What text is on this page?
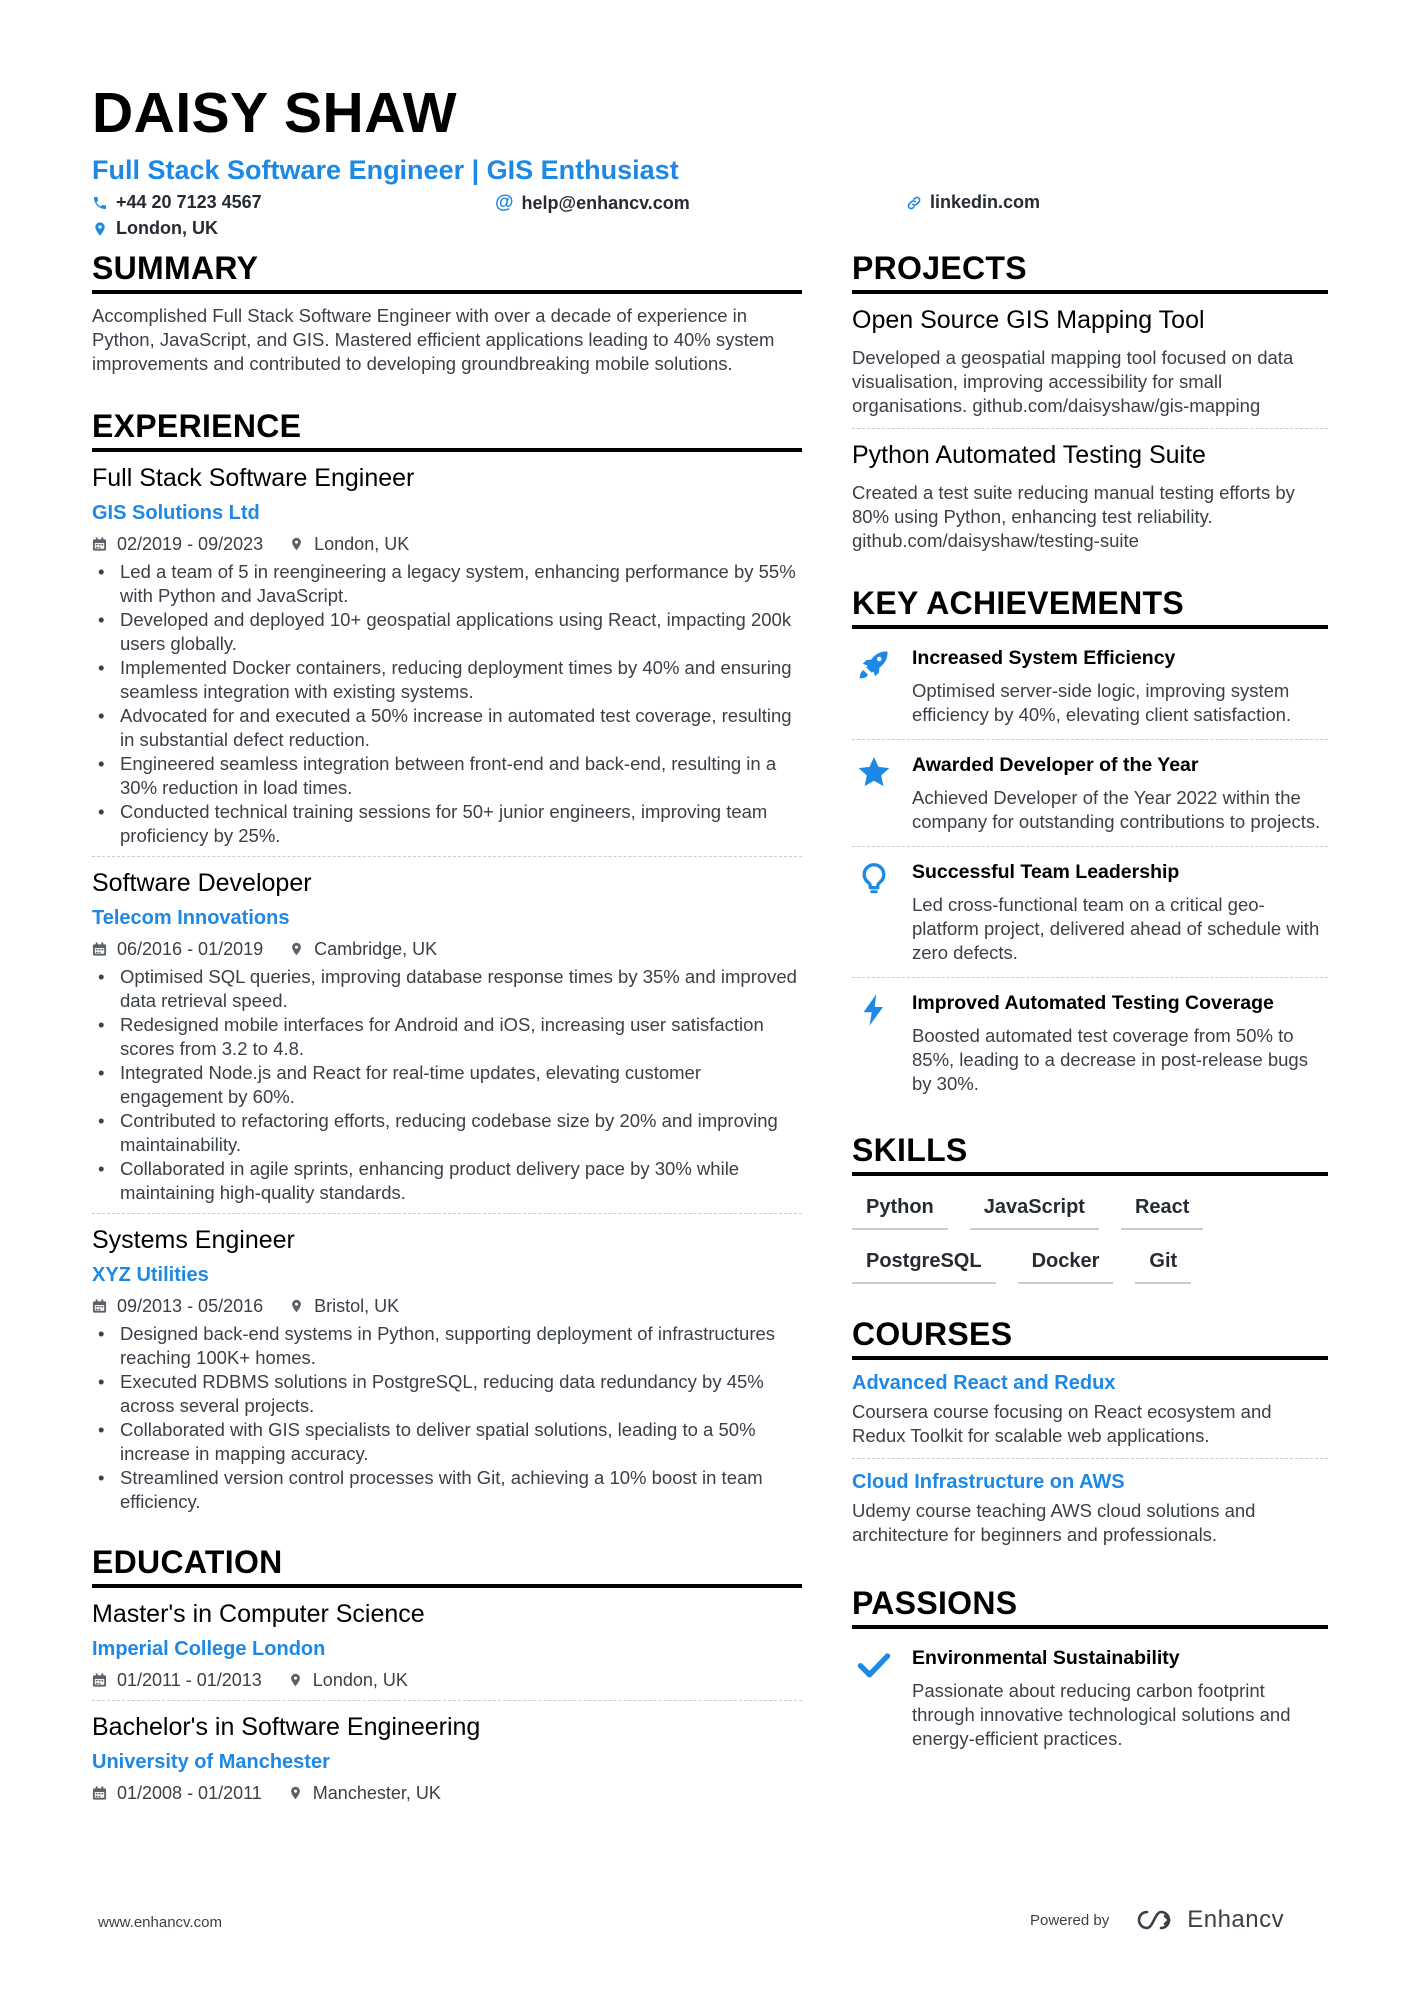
DAISY SHAW
Full Stack Software Engineer | GIS Enthusiast
+44 20 7123 4567	@ help@enhancv.com	linkedin.com
London, UK
SUMMARY
Accomplished Full Stack Software Engineer with over a decade of experience in Python, JavaScript, and GIS. Mastered efficient applications leading to 40% system improvements and contributed to developing groundbreaking mobile solutions.
EXPERIENCE
Full Stack Software Engineer
GIS Solutions Ltd
02/2019 - 09/2023	London, UK
• Led a team of 5 in reengineering a legacy system, enhancing performance by 55% with Python and JavaScript.
• Developed and deployed 10+ geospatial applications using React, impacting 200k users globally.
• Implemented Docker containers, reducing deployment times by 40% and ensuring seamless integration with existing systems.
• Advocated for and executed a 50% increase in automated test coverage, resulting in substantial defect reduction.
• Engineered seamless integration between front-end and back-end, resulting in a 30% reduction in load times.
• Conducted technical training sessions for 50+ junior engineers, improving team proficiency by 25%.
Software Developer
Telecom Innovations
06/2016 - 01/2019	Cambridge, UK
• Optimised SQL queries, improving database response times by 35% and improved data retrieval speed.
• Redesigned mobile interfaces for Android and iOS, increasing user satisfaction scores from 3.2 to 4.8.
• Integrated Node.js and React for real-time updates, elevating customer engagement by 60%.
• Contributed to refactoring efforts, reducing codebase size by 20% and improving maintainability.
• Collaborated in agile sprints, enhancing product delivery pace by 30% while maintaining high-quality standards.
Systems Engineer
XYZ Utilities
09/2013 - 05/2016	Bristol, UK
• Designed back-end systems in Python, supporting deployment of infrastructures reaching 100K+ homes.
• Executed RDBMS solutions in PostgreSQL, reducing data redundancy by 45% across several projects.
• Collaborated with GIS specialists to deliver spatial solutions, leading to a 50% increase in mapping accuracy.
• Streamlined version control processes with Git, achieving a 10% boost in team efficiency.
EDUCATION
Master's in Computer Science
Imperial College London
01/2011 - 01/2013	London, UK
Bachelor's in Software Engineering
University of Manchester
01/2008 - 01/2011	Manchester, UK
PROJECTS
Open Source GIS Mapping Tool
Developed a geospatial mapping tool focused on data visualisation, improving accessibility for small organisations. github.com/daisyshaw/gis-mapping
Python Automated Testing Suite
Created a test suite reducing manual testing efforts by 80% using Python, enhancing test reliability. github.com/daisyshaw/testing-suite
KEY ACHIEVEMENTS
Increased System Efficiency
Optimised server-side logic, improving system efficiency by 40%, elevating client satisfaction.
Awarded Developer of the Year
Achieved Developer of the Year 2022 within the company for outstanding contributions to projects.
Successful Team Leadership
Led cross-functional team on a critical geo-platform project, delivered ahead of schedule with zero defects.
Improved Automated Testing Coverage
Boosted automated test coverage from 50% to 85%, leading to a decrease in post-release bugs by 30%.
SKILLS
Python	JavaScript	React
PostgreSQL	Docker	Git
COURSES
Advanced React and Redux
Coursera course focusing on React ecosystem and Redux Toolkit for scalable web applications.
Cloud Infrastructure on AWS
Udemy course teaching AWS cloud solutions and architecture for beginners and professionals.
PASSIONS
Environmental Sustainability
Passionate about reducing carbon footprint through innovative technological solutions and energy-efficient practices.
www.enhancv.com	Powered by	Enhancv
